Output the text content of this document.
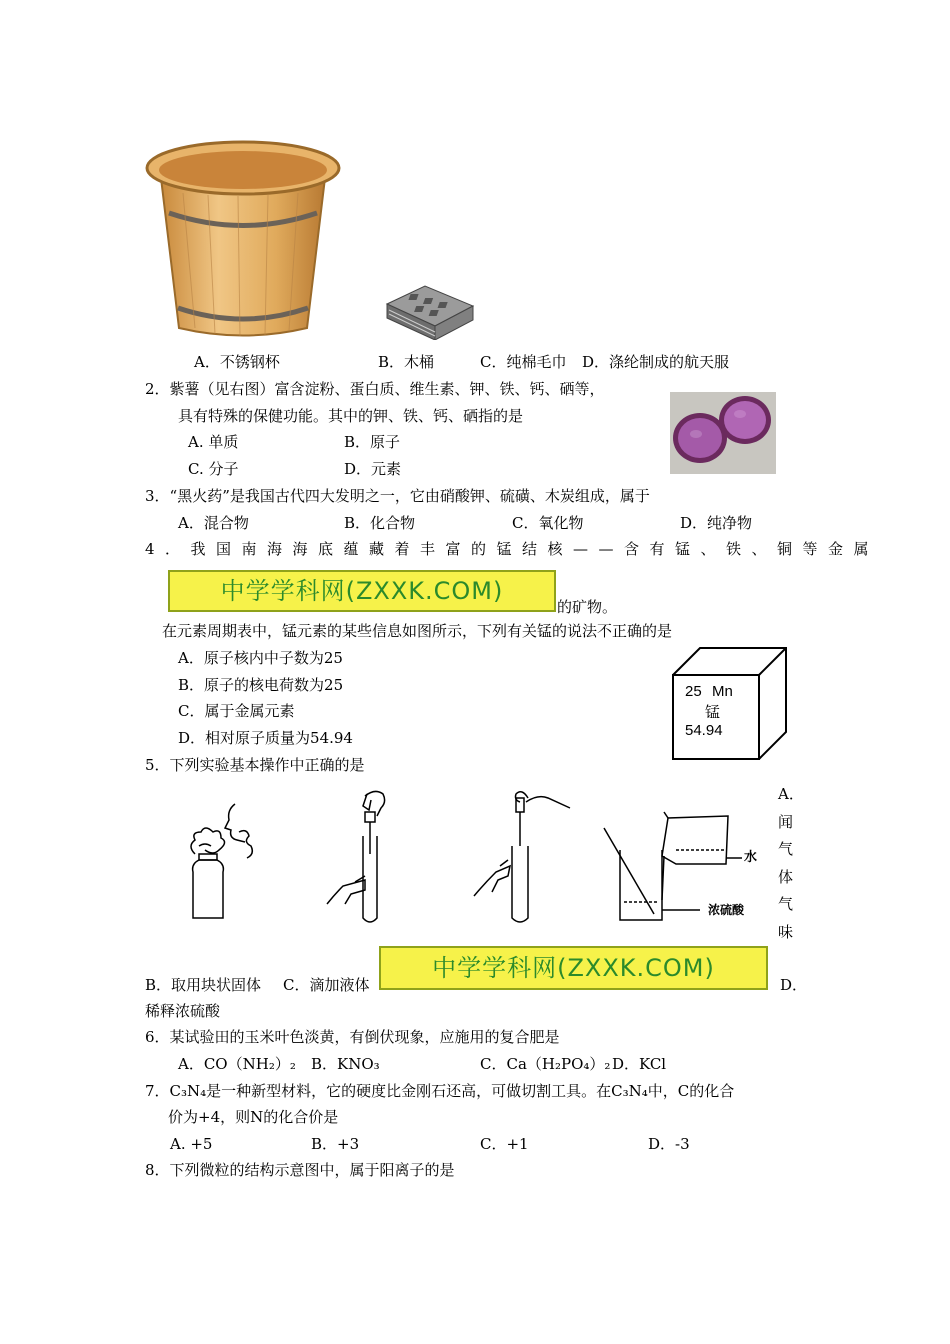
A．不锈钢杯	B．木桶	C．纯棉毛巾 D．涤纶制成的航天服
2．紫薯（见右图）富含淀粉、蛋白质、维生素、钾、铁、钙、硒等，
具有特殊的保健功能。其中的钾、铁、钙、硒指的是
A. 单质	B．原子
C. 分子	D．元素
3．“黑火药”是我国古代四大发明之一，它由硝酸钾、硫磺、木炭组成，属于
A．混合物	B．化合物	C．氧化物	D．纯净物
4．我国南海海底蕴藏着丰富的锰结核——含有锰、铁、铜等金属
中学学科网(ZXXK.COM)
的矿物。
在元素周期表中，锰元素的某些信息如图所示，下列有关锰的说法不正确的是
A．原子核内中子数为25
B．原子的核电荷数为25
C．属于金属元素
D．相对原子质量为54.94
25 Mn
锰
54.94
5．下列实验基本操作中正确的是
A．
闻
气
体
气
味
水
浓硫酸
B．取用块状固体 C．滴加液体
中学学科网(ZXXK.COM)
D．
稀释浓硫酸
6．某试验田的玉米叶色淡黄，有倒伏现象，应施用的复合肥是
A．CO（NH₂）₂ B．KNO₃	C．Ca（H₂PO₄）₂ D．KCl
7．C₃N₄是一种新型材料，它的硬度比金刚石还高，可做切割工具。在C₃N₄中，C的化合
价为+4，则N的化合价是
A. +5	B．+3	C．+1	D．-3
8．下列微粒的结构示意图中，属于阳离子的是
